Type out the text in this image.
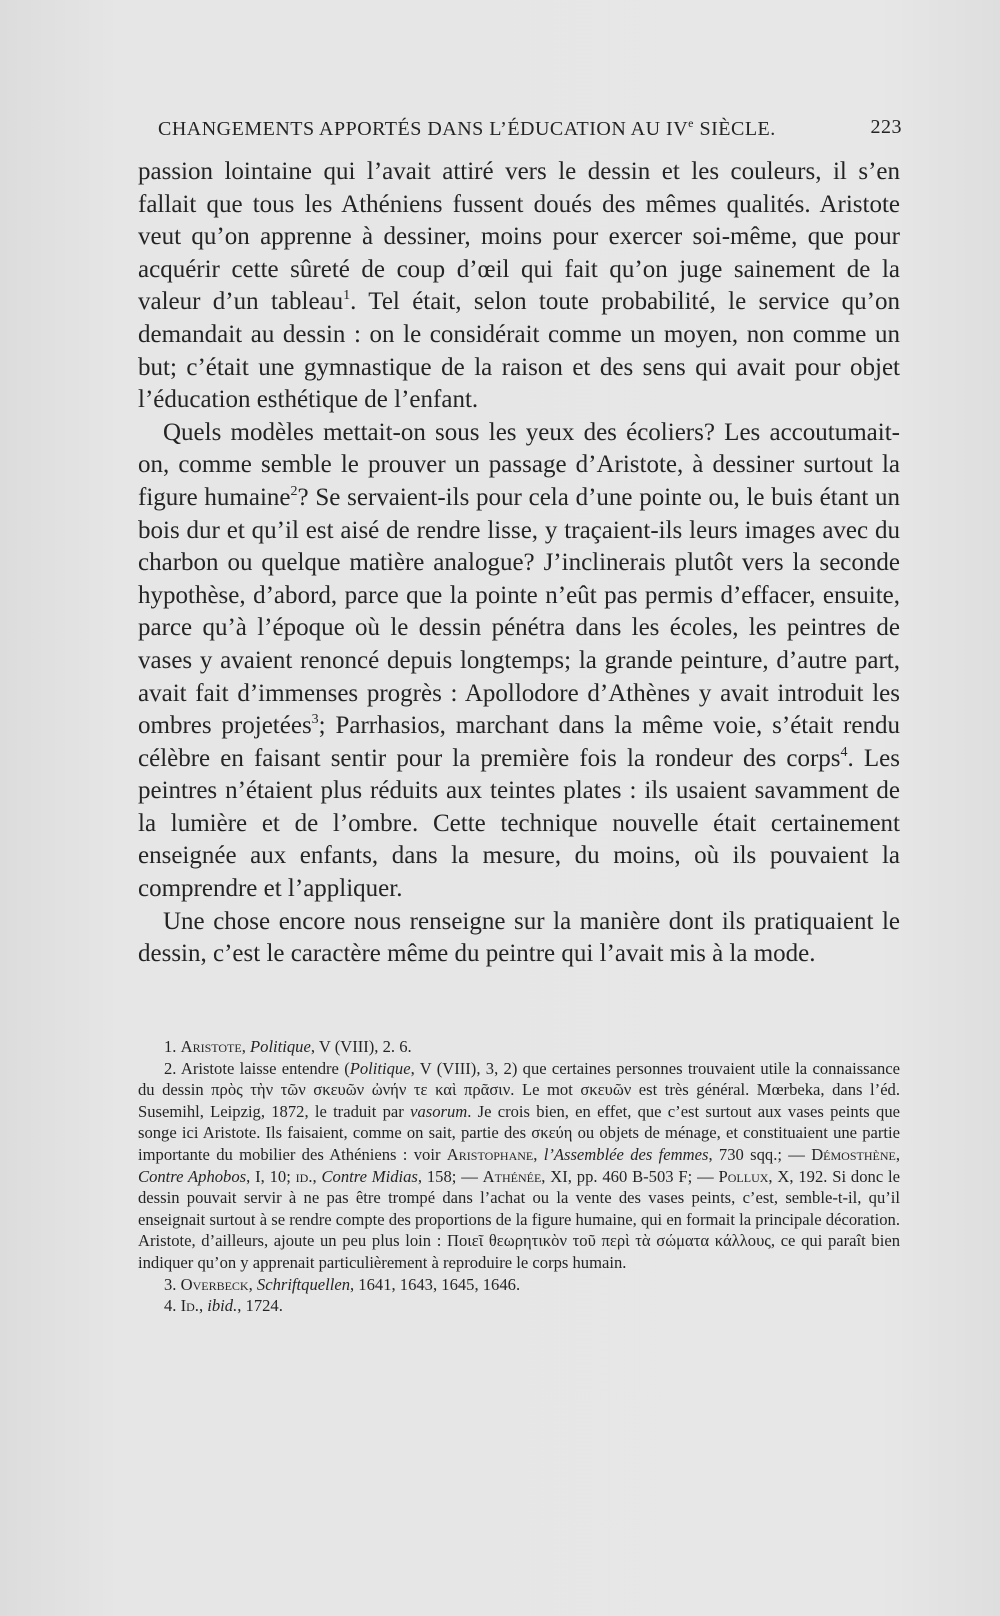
CHANGEMENTS APPORTÉS DANS L’ÉDUCATION AU IVe SIÈCLE.	223

passion lointaine qui l’avait attiré vers le dessin et les couleurs, il s’en fallait que tous les Athéniens fussent doués des mêmes qualités. Aristote veut qu’on apprenne à dessiner, moins pour exercer soi-même, que pour acquérir cette sûreté de coup d’œil qui fait qu’on juge sainement de la valeur d’un tableau$^1$. Tel était, selon toute probabilité, le service qu’on demandait au dessin : on le considérait comme un moyen, non comme un but; c’était une gymnastique de la raison et des sens qui avait pour objet l’éducation esthétique de l’enfant.

Quels modèles mettait-on sous les yeux des écoliers? Les accoutumait-on, comme semble le prouver un passage d’Aristote, à dessiner surtout la figure humaine$^2$? Se servaient-ils pour cela d’une pointe ou, le buis étant un bois dur et qu’il est aisé de rendre lisse, y traçaient-ils leurs images avec du charbon ou quelque matière analogue? J’inclinerais plutôt vers la seconde hypothèse, d’abord, parce que la pointe n’eût pas permis d’effacer, ensuite, parce qu’à l’époque où le dessin pénétra dans les écoles, les peintres de vases y avaient renoncé depuis longtemps; la grande peinture, d’autre part, avait fait d’immenses progrès : Apollodore d’Athènes y avait introduit les ombres projetées$^3$; Parrhasios, marchant dans la même voie, s’était rendu célèbre en faisant sentir pour la première fois la rondeur des corps$^4$. Les peintres n’étaient plus réduits aux teintes plates : ils usaient savamment de la lumière et de l’ombre. Cette technique nouvelle était certainement enseignée aux enfants, dans la mesure, du moins, où ils pouvaient la comprendre et l’appliquer.

Une chose encore nous renseigne sur la manière dont ils pratiquaient le dessin, c’est le caractère même du peintre qui l’avait mis à la mode.

1. Aristote, Politique, V (VIII), 2. 6.

2. Aristote laisse entendre (Politique, V (VIII), 3, 2) que certaines personnes trouvaient utile la connaissance du dessin πρὸς τὴν τῶν σκευῶν ὠνήν τε καὶ πρᾶσιν. Le mot σκευῶν est très général. Mœrbeka, dans l’éd. Susemihl, Leipzig, 1872, le traduit par vasorum. Je crois bien, en effet, que c’est surtout aux vases peints que songe ici Aristote. Ils faisaient, comme on sait, partie des σκεύη ou objets de ménage, et constituaient une partie importante du mobilier des Athéniens : voir Aristophane, l’Assemblée des femmes, 730 sqq.; — Démosthène, Contre Aphobos, I, 10; id., Contre Midias, 158; — Athénée, XI, pp. 460 B-503 F; — Pollux, X, 192. Si donc le dessin pouvait servir à ne pas être trompé dans l’achat ou la vente des vases peints, c’est, semble-t-il, qu’il enseignait surtout à se rendre compte des proportions de la figure humaine, qui en formait la principale décoration. Aristote, d’ailleurs, ajoute un peu plus loin : Ποιεῖ θεωρητικὸν τοῦ περὶ τὰ σώματα κάλλους, ce qui paraît bien indiquer qu’on y apprenait particulièrement à reproduire le corps humain.

3. Overbeck, Schriftquellen, 1641, 1643, 1645, 1646.

4. Id., ibid., 1724.
